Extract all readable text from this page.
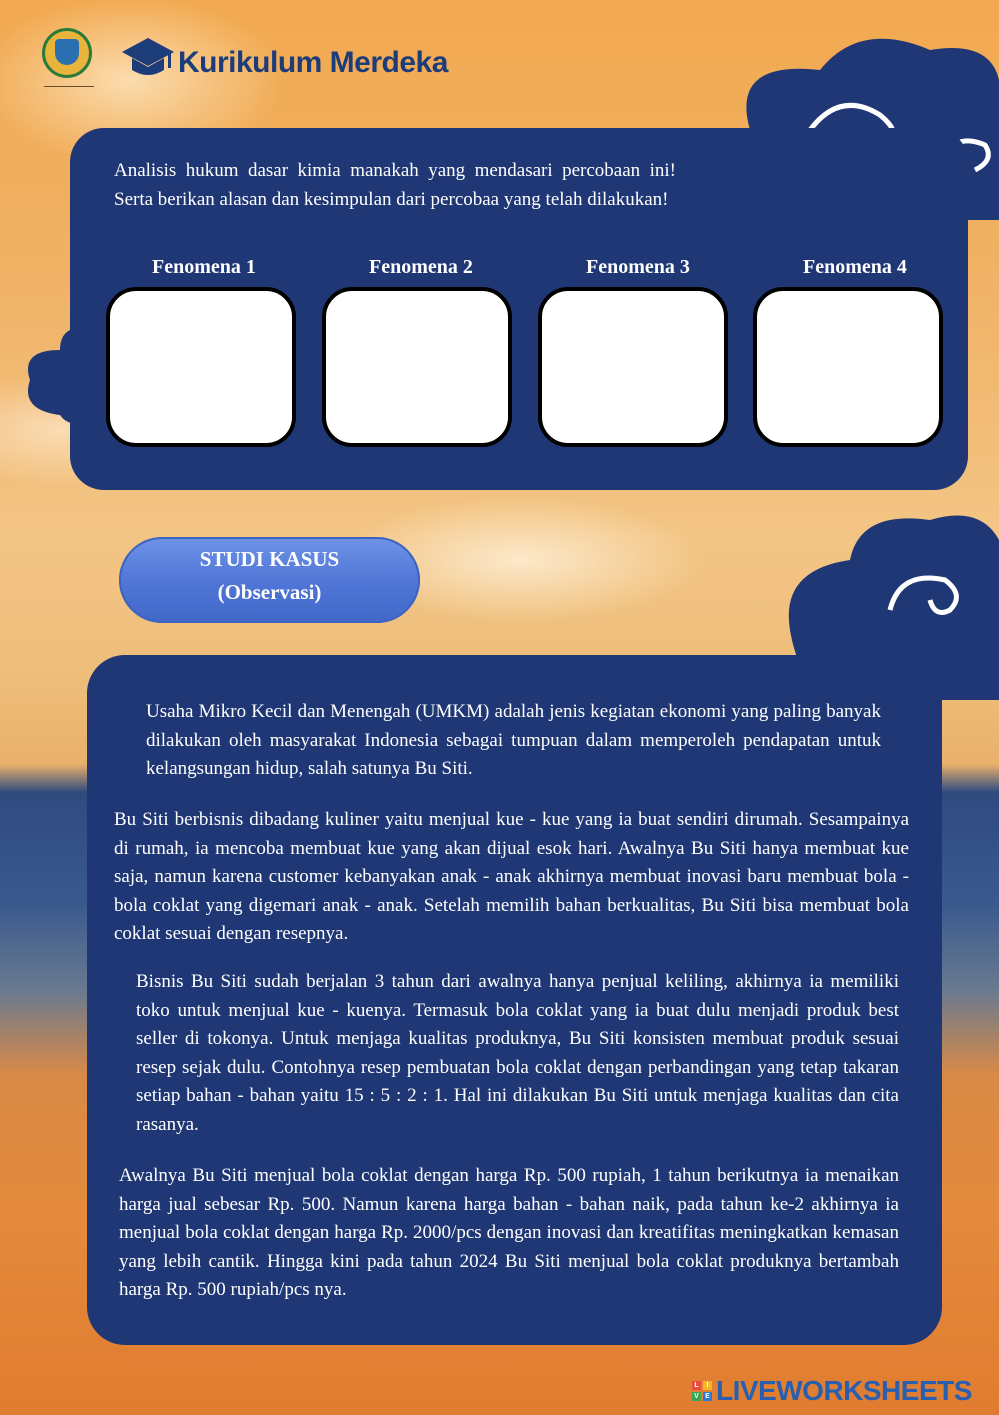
Kurikulum Merdeka

Analisis hukum dasar kimia manakah yang mendasari percobaan ini! Serta berikan alasan dan kesimpulan dari percobaa yang telah dilakukan!

Fenomena 1	Fenomena 2	Fenomena 3	Fenomena 4
STUDI KASUS
(Observasi)

Usaha Mikro Kecil dan Menengah (UMKM) adalah jenis kegiatan ekonomi yang paling banyak dilakukan oleh masyarakat Indonesia sebagai tumpuan dalam memperoleh pendapatan untuk kelangsungan hidup, salah satunya Bu Siti.

Bu Siti berbisnis dibadang kuliner yaitu menjual kue - kue yang ia buat sendiri dirumah. Sesampainya di rumah, ia mencoba membuat kue yang akan dijual esok hari. Awalnya Bu Siti hanya membuat kue saja, namun karena customer kebanyakan anak - anak akhirnya membuat inovasi baru membuat bola - bola coklat yang digemari anak - anak. Setelah memilih bahan berkualitas, Bu Siti bisa membuat bola coklat sesuai dengan resepnya.

Bisnis Bu Siti sudah berjalan 3 tahun dari awalnya hanya penjual keliling, akhirnya ia memiliki toko untuk menjual kue - kuenya. Termasuk bola coklat yang ia buat dulu menjadi produk best seller di tokonya. Untuk menjaga kualitas produknya, Bu Siti konsisten membuat produk sesuai resep sejak dulu. Contohnya resep pembuatan bola coklat dengan perbandingan yang tetap takaran setiap bahan - bahan yaitu 15 : 5 : 2 : 1. Hal ini dilakukan Bu Siti untuk menjaga kualitas dan cita rasanya.

Awalnya Bu Siti menjual bola coklat dengan harga Rp. 500 rupiah, 1 tahun berikutnya ia menaikan harga jual sebesar Rp. 500. Namun karena harga bahan - bahan naik, pada tahun ke-2 akhirnya ia menjual bola coklat dengan harga Rp. 2000/pcs dengan inovasi dan kreatifitas meningkatkan kemasan yang lebih cantik. Hingga kini pada tahun 2024 Bu Siti menjual bola coklat produknya bertambah harga Rp. 500 rupiah/pcs nya.

L	I
V E LIVEWORKSHEETS
